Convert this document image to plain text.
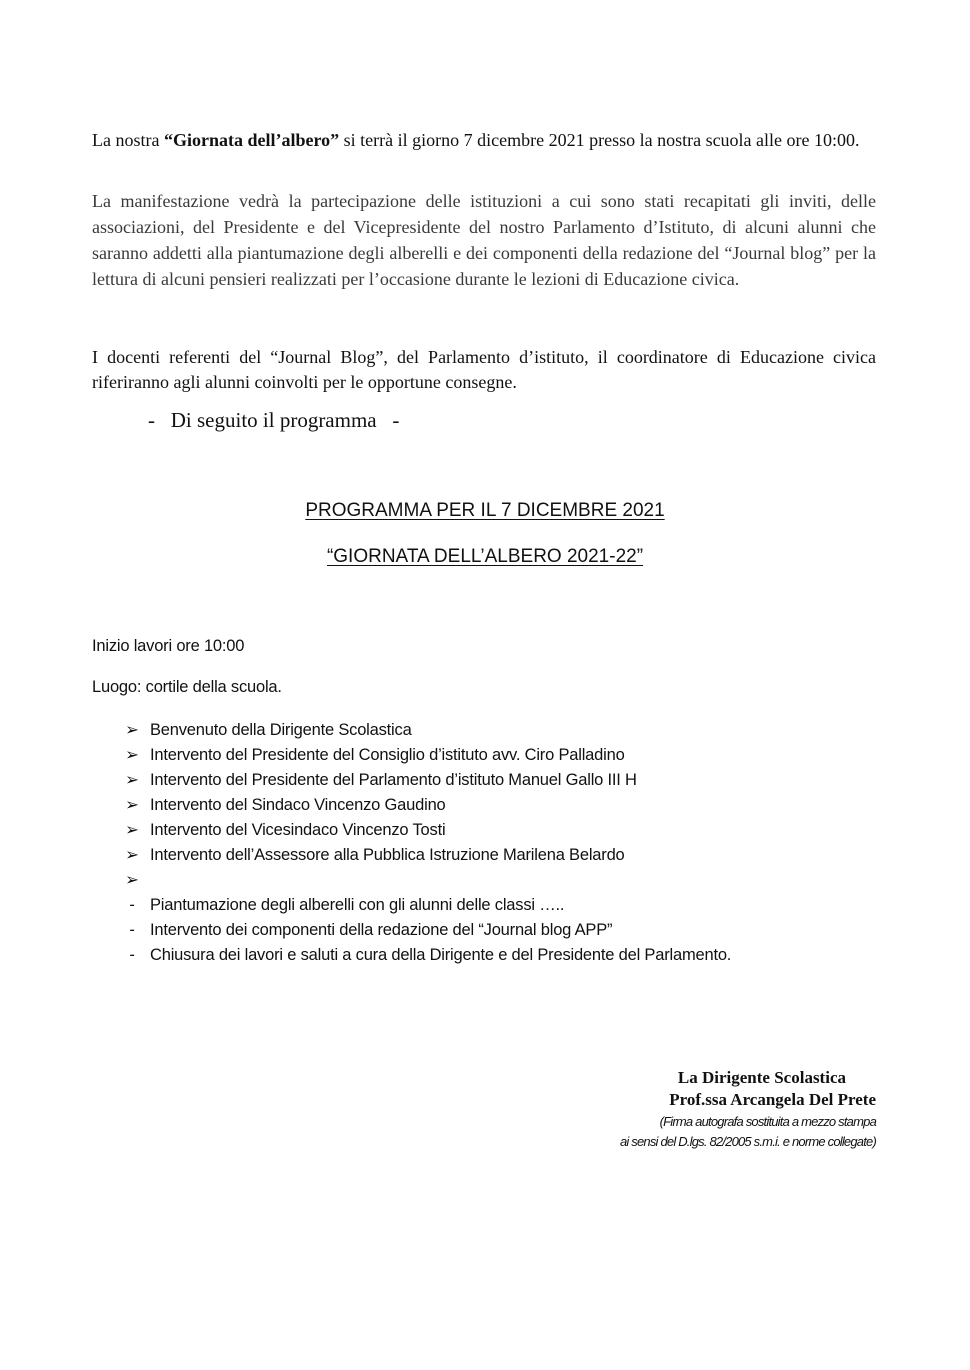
La nostra “Giornata dell’albero” si terrà il giorno 7 dicembre 2021 presso la nostra scuola alle ore 10:00.
La manifestazione vedrà la partecipazione delle istituzioni a cui sono stati recapitati gli inviti, delle associazioni, del Presidente e del Vicepresidente del nostro Parlamento d’Istituto, di alcuni alunni che saranno addetti alla piantumazione degli alberelli e dei componenti della redazione del “Journal blog” per la lettura di alcuni pensieri realizzati per l’occasione durante le lezioni di Educazione civica.
I docenti referenti del “Journal Blog”, del Parlamento d’istituto, il coordinatore di Educazione civica riferiranno agli alunni coinvolti per le opportune consegne.
-   Di seguito il programma   -
PROGRAMMA PER IL 7 DICEMBRE 2021
“GIORNATA DELL’ALBERO 2021-22”
Inizio lavori ore 10:00
Luogo: cortile della scuola.
➢ Benvenuto della Dirigente Scolastica
➢ Intervento del Presidente del Consiglio d’istituto avv. Ciro Palladino
➢ Intervento del Presidente del Parlamento d’istituto Manuel Gallo III H
➢ Intervento del Sindaco Vincenzo Gaudino
➢ Intervento del Vicesindaco Vincenzo Tosti
➢ Intervento dell’Assessore alla Pubblica Istruzione Marilena Belardo
➢
- Piantumazione degli alberelli con gli alunni delle classi …..
- Intervento dei componenti della redazione del “Journal blog APP”
- Chiusura dei lavori e saluti a cura della Dirigente e del Presidente del Parlamento.
La Dirigente Scolastica
Prof.ssa Arcangela Del Prete
(Firma autografa sostituita a mezzo stampa
ai sensi del D.lgs. 82/2005 s.m.i. e norme collegate)
